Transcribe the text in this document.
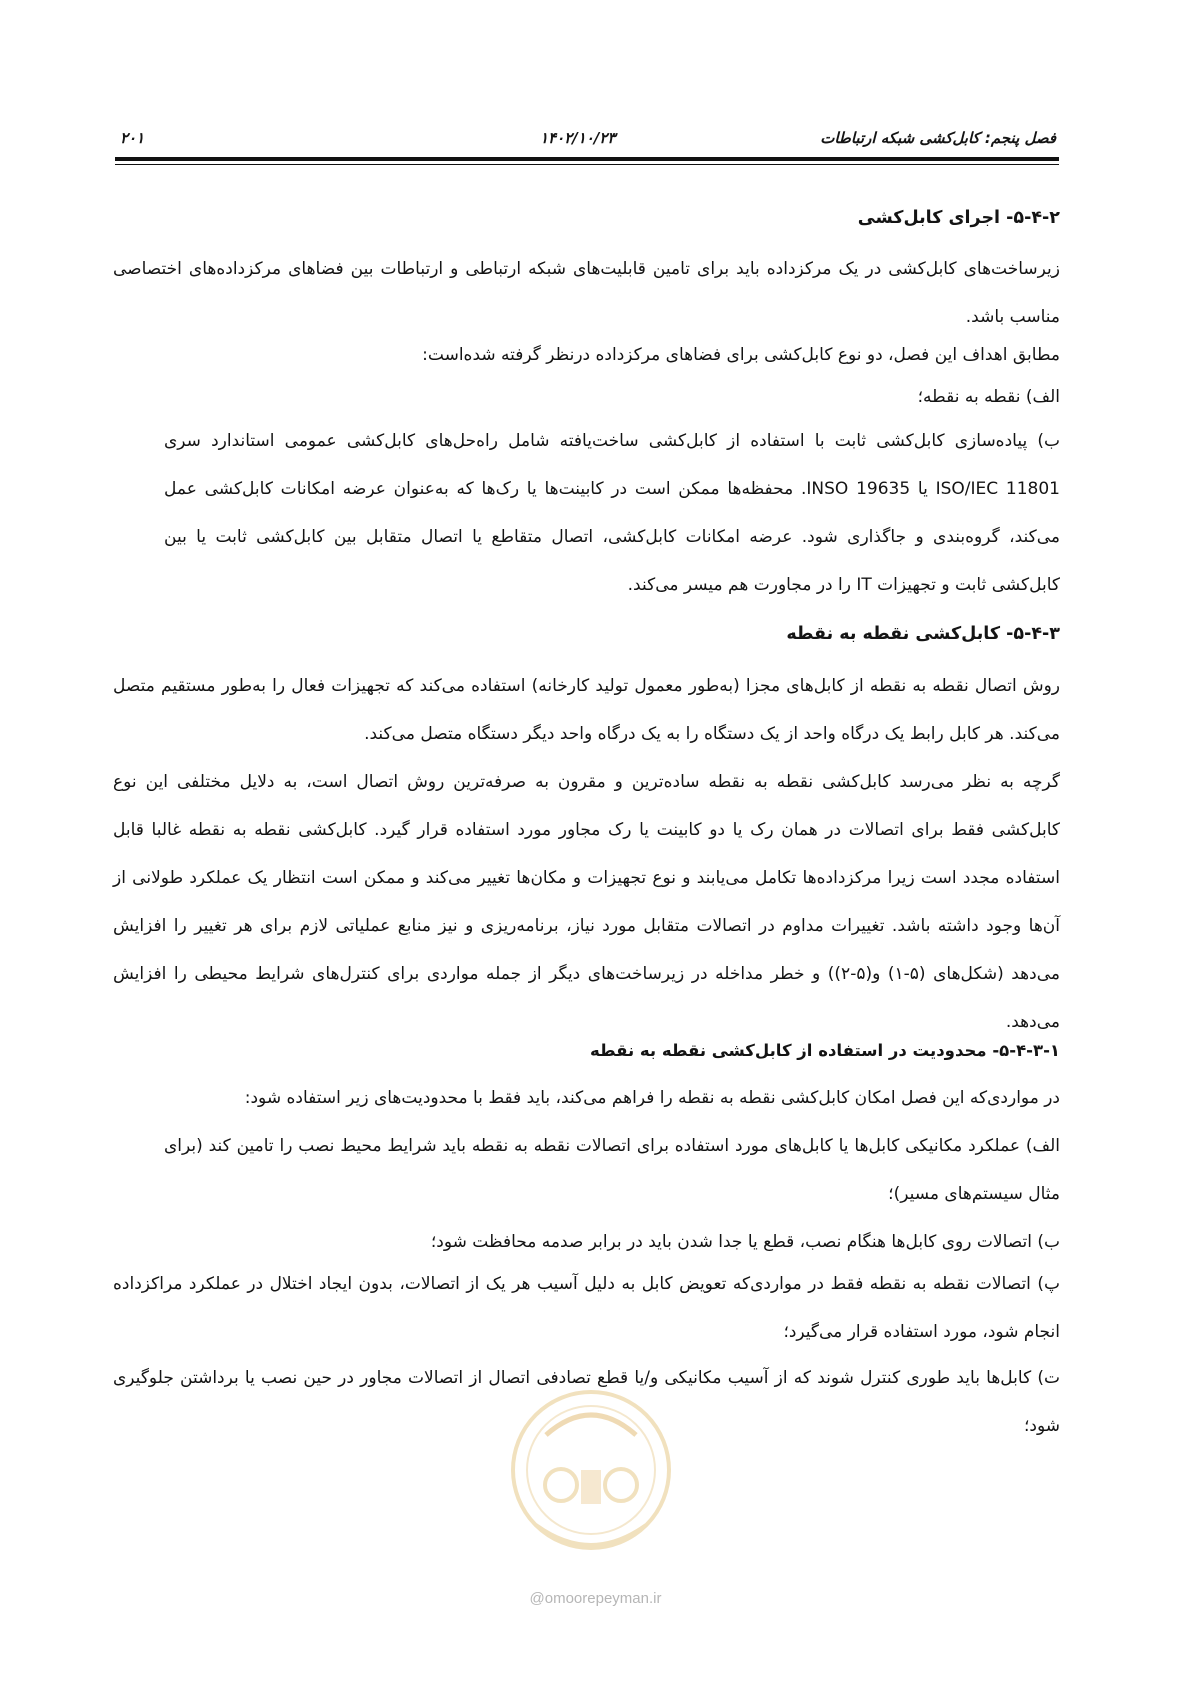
فصل پنجم: کابل‌کشی شبکه ارتباطات
۱۴۰۲/۱۰/۲۳
۲۰۱
۵-۴-۲- اجرای کابل‌کشی
زیرساخت‌های کابل‌کشی در یک مرکزداده باید برای تامین قابلیت‌های شبکه ارتباطی و ارتباطات بین فضاهای مرکزداده‌های اختصاصی مناسب باشد.
مطابق اهداف این فصل، دو نوع کابل‌کشی برای فضاهای مرکزداده درنظر گرفته شده‌است:
الف) نقطه به نقطه؛
ب) پیاده‌سازی کابل‌کشی ثابت با استفاده از کابل‌کشی ساخت‌یافته شامل راه‌حل‌های کابل‌کشی عمومی استاندارد سری ISO/IEC 11801 یا INSO 19635. محفظه‌ها ممکن است در کابینت‌ها یا رک‌ها که به‌عنوان عرضه امکانات کابل‌کشی عمل می‌کند، گروه‌بندی و جاگذاری شود. عرضه امکانات کابل‌کشی، اتصال متقاطع یا اتصال متقابل بین کابل‌کشی ثابت یا بین کابل‌کشی ثابت و تجهیزات IT را در مجاورت هم میسر می‌کند.
۵-۴-۳- کابل‌کشی نقطه به نقطه
روش اتصال نقطه به نقطه از کابل‌های مجزا (به‌طور معمول تولید کارخانه) استفاده می‌کند که تجهیزات فعال را به‌طور مستقیم متصل می‌کند. هر کابل رابط یک درگاه واحد از یک دستگاه را به یک درگاه واحد دیگر دستگاه متصل می‌کند.
گرچه به نظر می‌رسد کابل‌کشی نقطه به نقطه ساده‌ترین و مقرون به صرفه‌ترین روش اتصال است، به دلایل مختلفی این نوع کابل‌کشی فقط برای اتصالات در همان رک یا دو کابینت یا رک مجاور مورد استفاده قرار گیرد. کابل‌کشی نقطه به نقطه غالبا قابل استفاده مجدد است زیرا مرکزداده‌ها تکامل می‌یابند و نوع تجهیزات و مکان‌ها تغییر می‌کند و ممکن است انتظار یک عملکرد طولانی از آن‌ها وجود داشته باشد. تغییرات مداوم در اتصالات متقابل مورد نیاز، برنامه‌ریزی و نیز منابع عملیاتی لازم برای هر تغییر را افزایش می‌دهد (شکل‌های (۵-۱) و(۵-۲)) و خطر مداخله در زیرساخت‌های دیگر از جمله مواردی برای کنترل‌های شرایط محیطی را افزایش می‌دهد.
۵-۴-۳-۱- محدودیت در استفاده از کابل‌کشی نقطه به نقطه
در مواردی‌که این فصل امکان کابل‌کشی نقطه به نقطه را فراهم می‌کند، باید فقط با محدودیت‌های زیر استفاده شود:
الف) عملکرد مکانیکی کابل‌ها یا کابل‌های مورد استفاده برای اتصالات نقطه به نقطه باید شرایط محیط نصب را تامین کند (برای مثال سیستم‌های مسیر)؛
ب) اتصالات روی کابل‌ها هنگام نصب، قطع یا جدا شدن باید در برابر صدمه محافظت شود؛
پ) اتصالات نقطه به نقطه فقط در مواردی‌که تعویض کابل به دلیل آسیب هر یک از اتصالات، بدون ایجاد اختلال در عملکرد مراکزداده انجام شود، مورد استفاده قرار می‌گیرد؛
ت) کابل‌ها باید طوری کنترل شوند که از آسیب مکانیکی و/یا قطع تصادفی اتصال از اتصالات مجاور در حین نصب یا برداشتن جلوگیری شود؛
@omoorepeyman.ir
